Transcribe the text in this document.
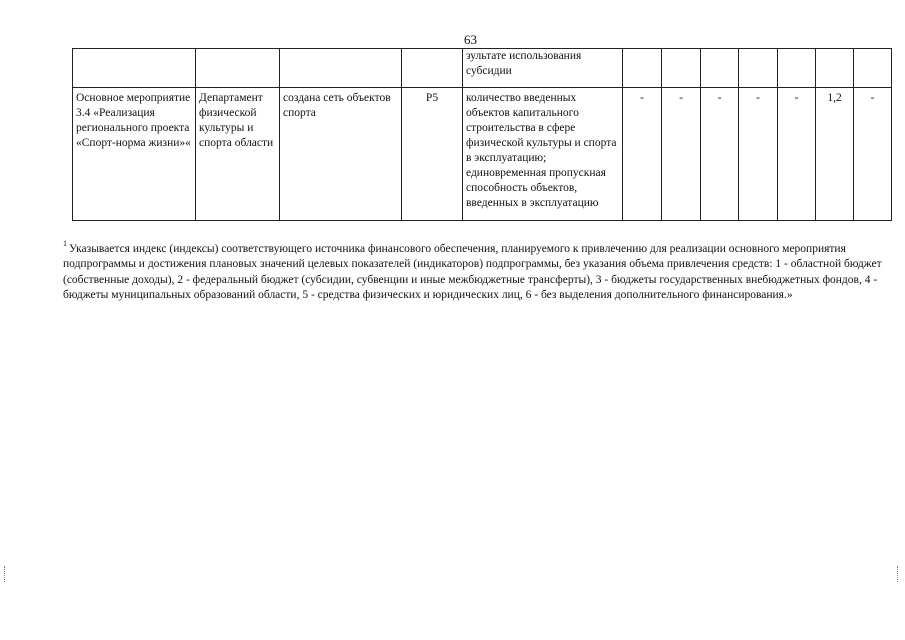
63
				зультате использования субсидии							
Основное мероприятие 3.4 «Реализация регионального проекта «Спорт-норма жизни»«	Департамент физической культуры и спорта области	создана сеть объектов спорта	P5	количество введенных объектов капитального строительства в сфере физической культуры и спорта в эксплуатацию; единовременная пропускная способность объектов, введенных в эксплуатацию	-	-	-	-	-	1,2	-
$^1$ Указывается индекс (индексы) соответствующего источника финансового обеспечения, планируемого к привлечению для реализации основного мероприятия подпрограммы и достижения плановых значений целевых показателей (индикаторов) подпрограммы, без указания объема привлечения средств: 1 - областной бюджет (собственные доходы), 2 - федеральный бюджет (субсидии, субвенции и иные межбюджетные трансферты), 3 - бюджеты государственных внебюджетных фондов, 4 - бюджеты муниципальных образований области, 5 - средства физических и юридических лиц, 6 - без выделения дополнительного финансирования.»
